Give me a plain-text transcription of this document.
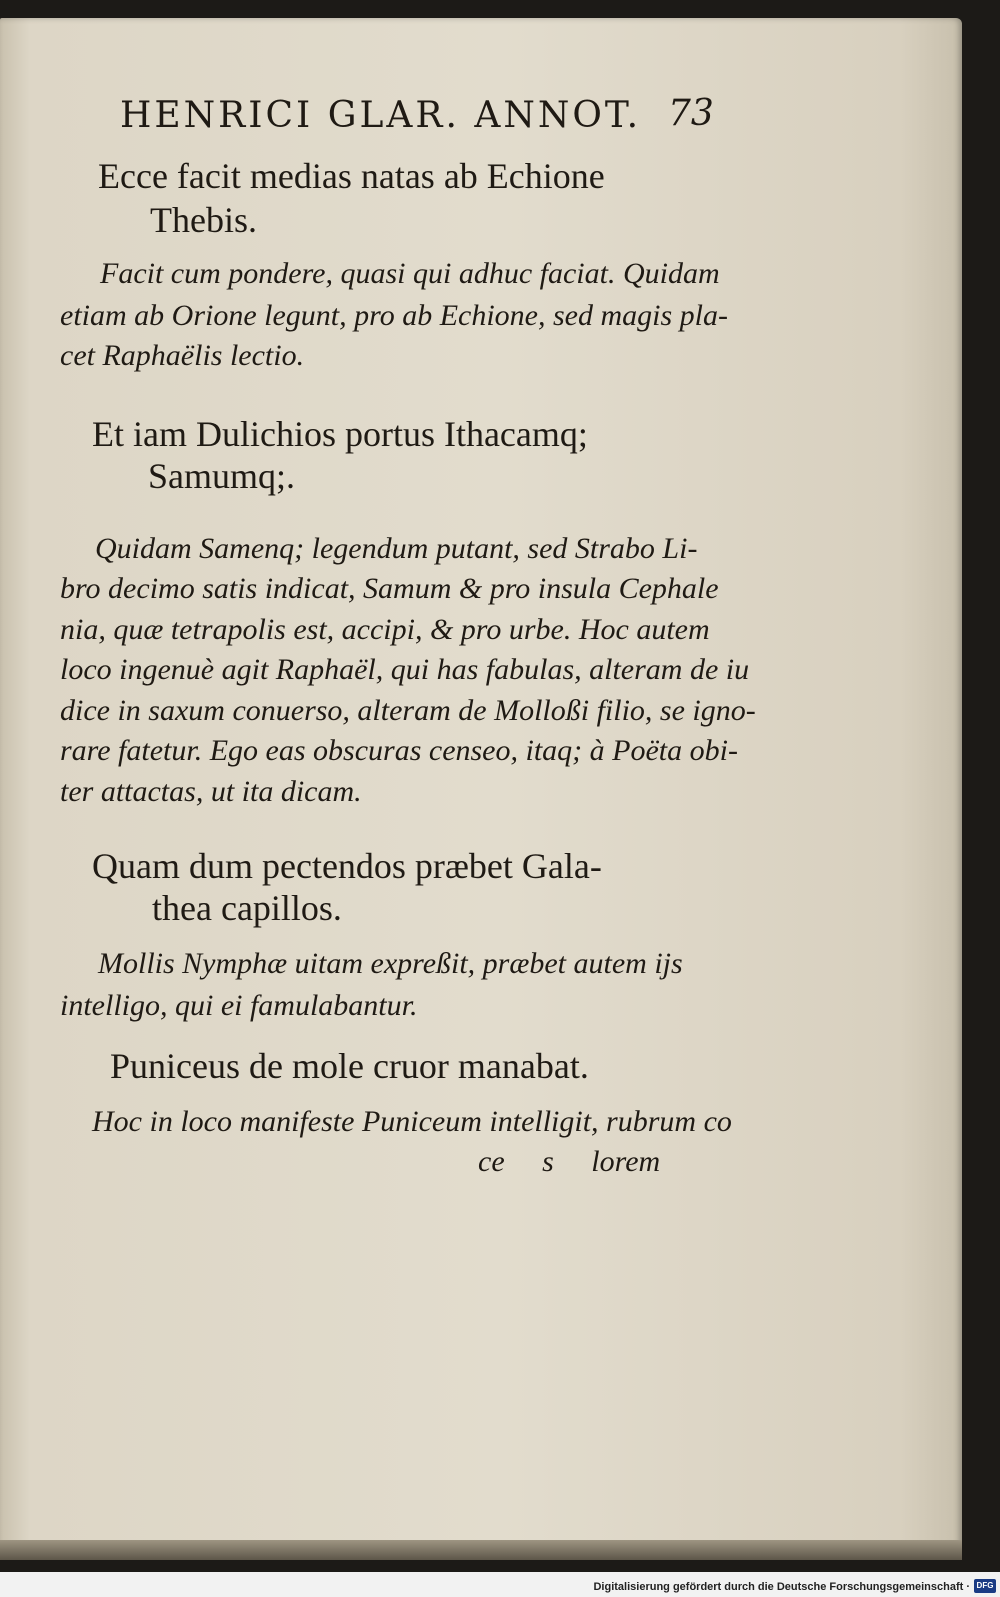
HENRICI GLAR. ANNOT. 73
Ecce facit medias natas ab Echione
Thebis.
Facit cum pondere, quasi qui adhuc faciat. Quidam
etiam ab Orione legunt, pro ab Echione, sed magis pla-
cet Raphaëlis lectio.
Et iam Dulichios portus Ithacamq;
Samumq;.
Quidam Samenq; legendum putant, sed Strabo Li-
bro decimo satis indicat, Samum & pro insula Cephale
nia, quæ tetrapolis est, accipi, & pro urbe. Hoc autem
loco ingenuè agit Raphaël, qui has fabulas, alteram de iu
dice in saxum conuerso, alteram de Molloßi filio, se igno-
rare fatetur. Ego eas obscuras censeo, itaq; à Poëta obi-
ter attactas, ut ita dicam.
Quam dum pectendos præbet Gala-
thea capillos.
Mollis Nymphæ uitam expreßit, præbet autem ijs
intelligo, qui ei famulabantur.
Puniceus de mole cruor manabat.
Hoc in loco manifeste Puniceum intelligit, rubrum co
ce     s     lorem
Digitalisierung gefördert durch die Deutsche Forschungsgemeinschaft · DFG
